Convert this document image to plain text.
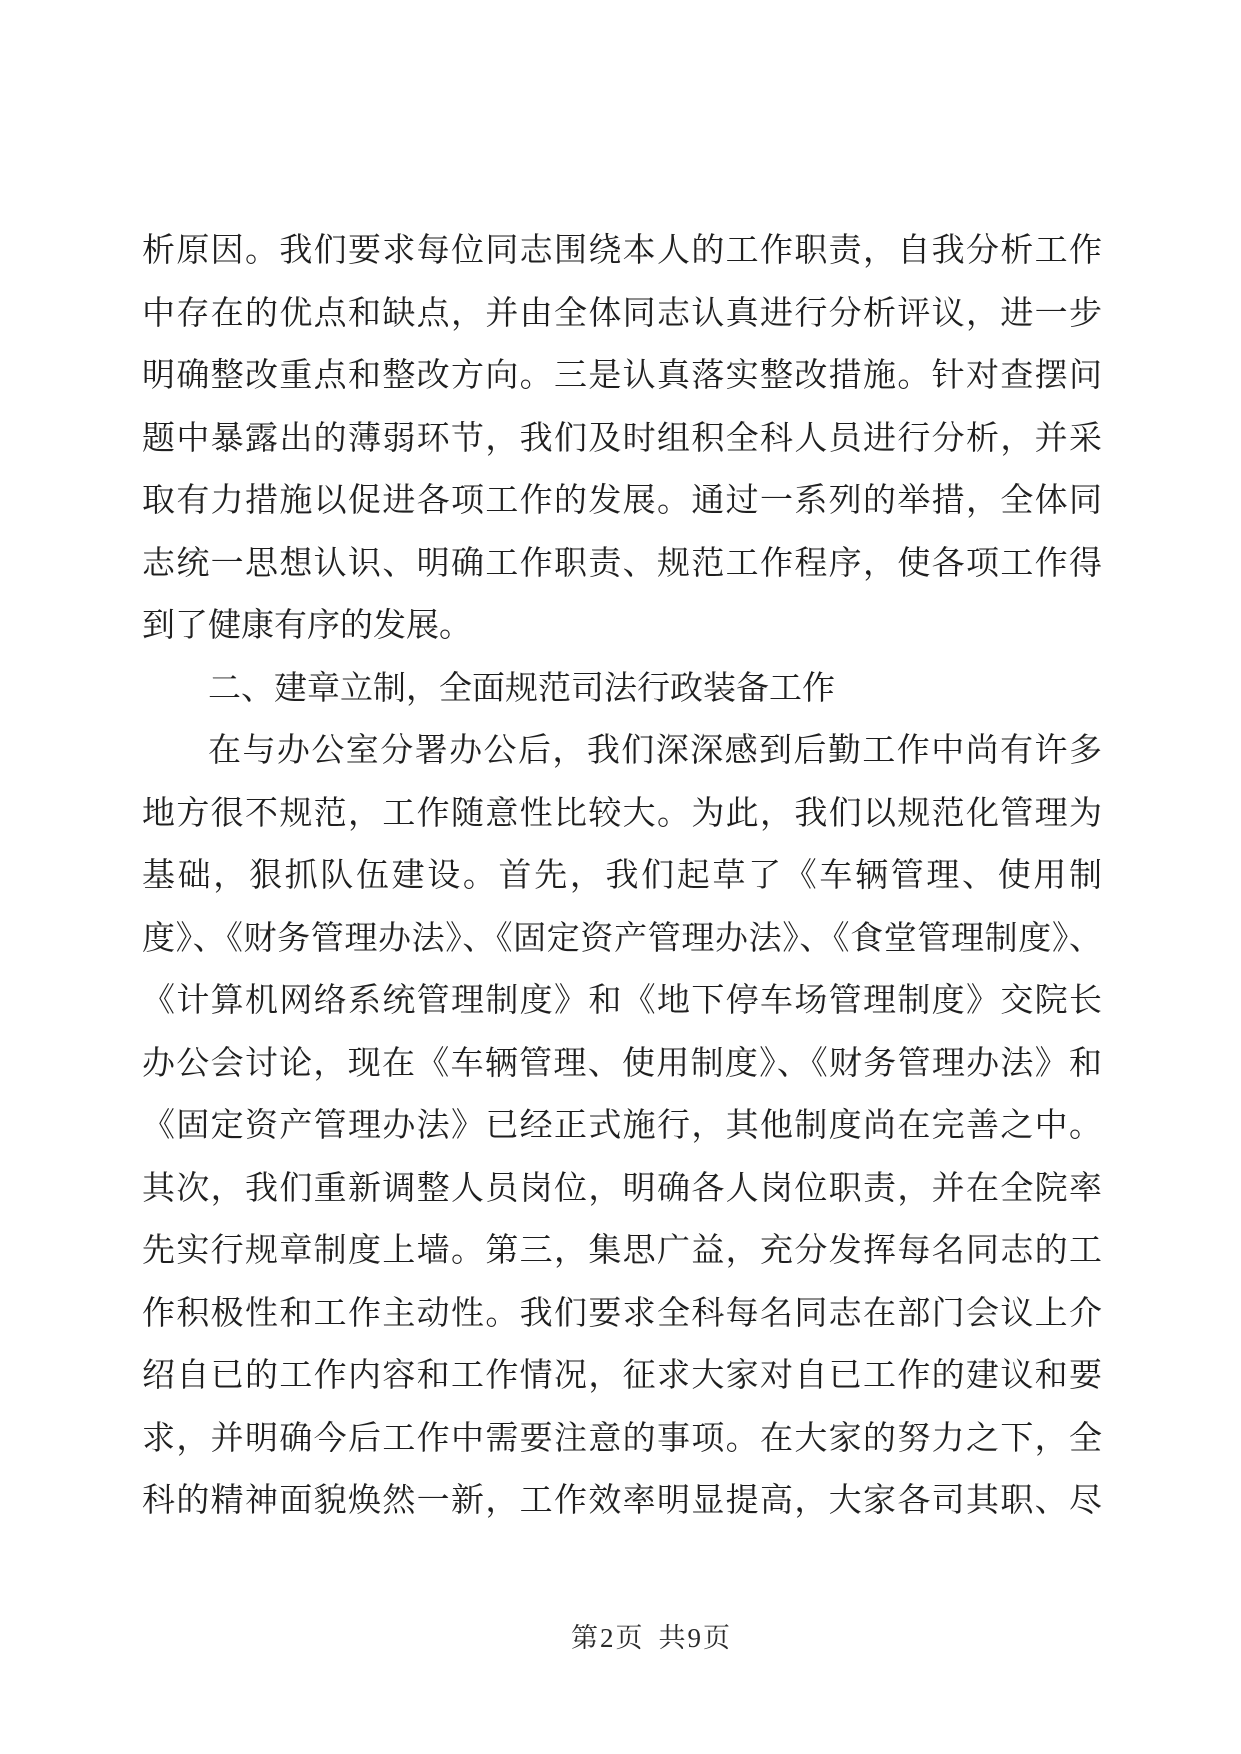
析原因。我们要求每位同志围绕本人的工作职责，自我分析工作
中存在的优点和缺点，并由全体同志认真进行分析评议，进一步
明确整改重点和整改方向。三是认真落实整改措施。针对查摆问
题中暴露出的薄弱环节，我们及时组积全科人员进行分析，并采
取有力措施以促进各项工作的发展。通过一系列的举措，全体同
志统一思想认识、明确工作职责、规范工作程序，使各项工作得
到了健康有序的发展。
二、建章立制，全面规范司法行政装备工作
在与办公室分署办公后，我们深深感到后勤工作中尚有许多
地方很不规范，工作随意性比较大。为此，我们以规范化管理为
基础，狠抓队伍建设。首先，我们起草了《车辆管理、使用制
度》、《财务管理办法》、《固定资产管理办法》、《食堂管理制度》、
《计算机网络系统管理制度》和《地下停车场管理制度》交院长
办公会讨论，现在《车辆管理、使用制度》、《财务管理办法》和
《固定资产管理办法》已经正式施行，其他制度尚在完善之中。
其次，我们重新调整人员岗位，明确各人岗位职责，并在全院率
先实行规章制度上墙。第三，集思广益，充分发挥每名同志的工
作积极性和工作主动性。我们要求全科每名同志在部门会议上介
绍自已的工作内容和工作情况，征求大家对自已工作的建议和要
求，并明确今后工作中需要注意的事项。在大家的努力之下，全
科的精神面貌焕然一新，工作效率明显提高，大家各司其职、尽
第2页 共9页
